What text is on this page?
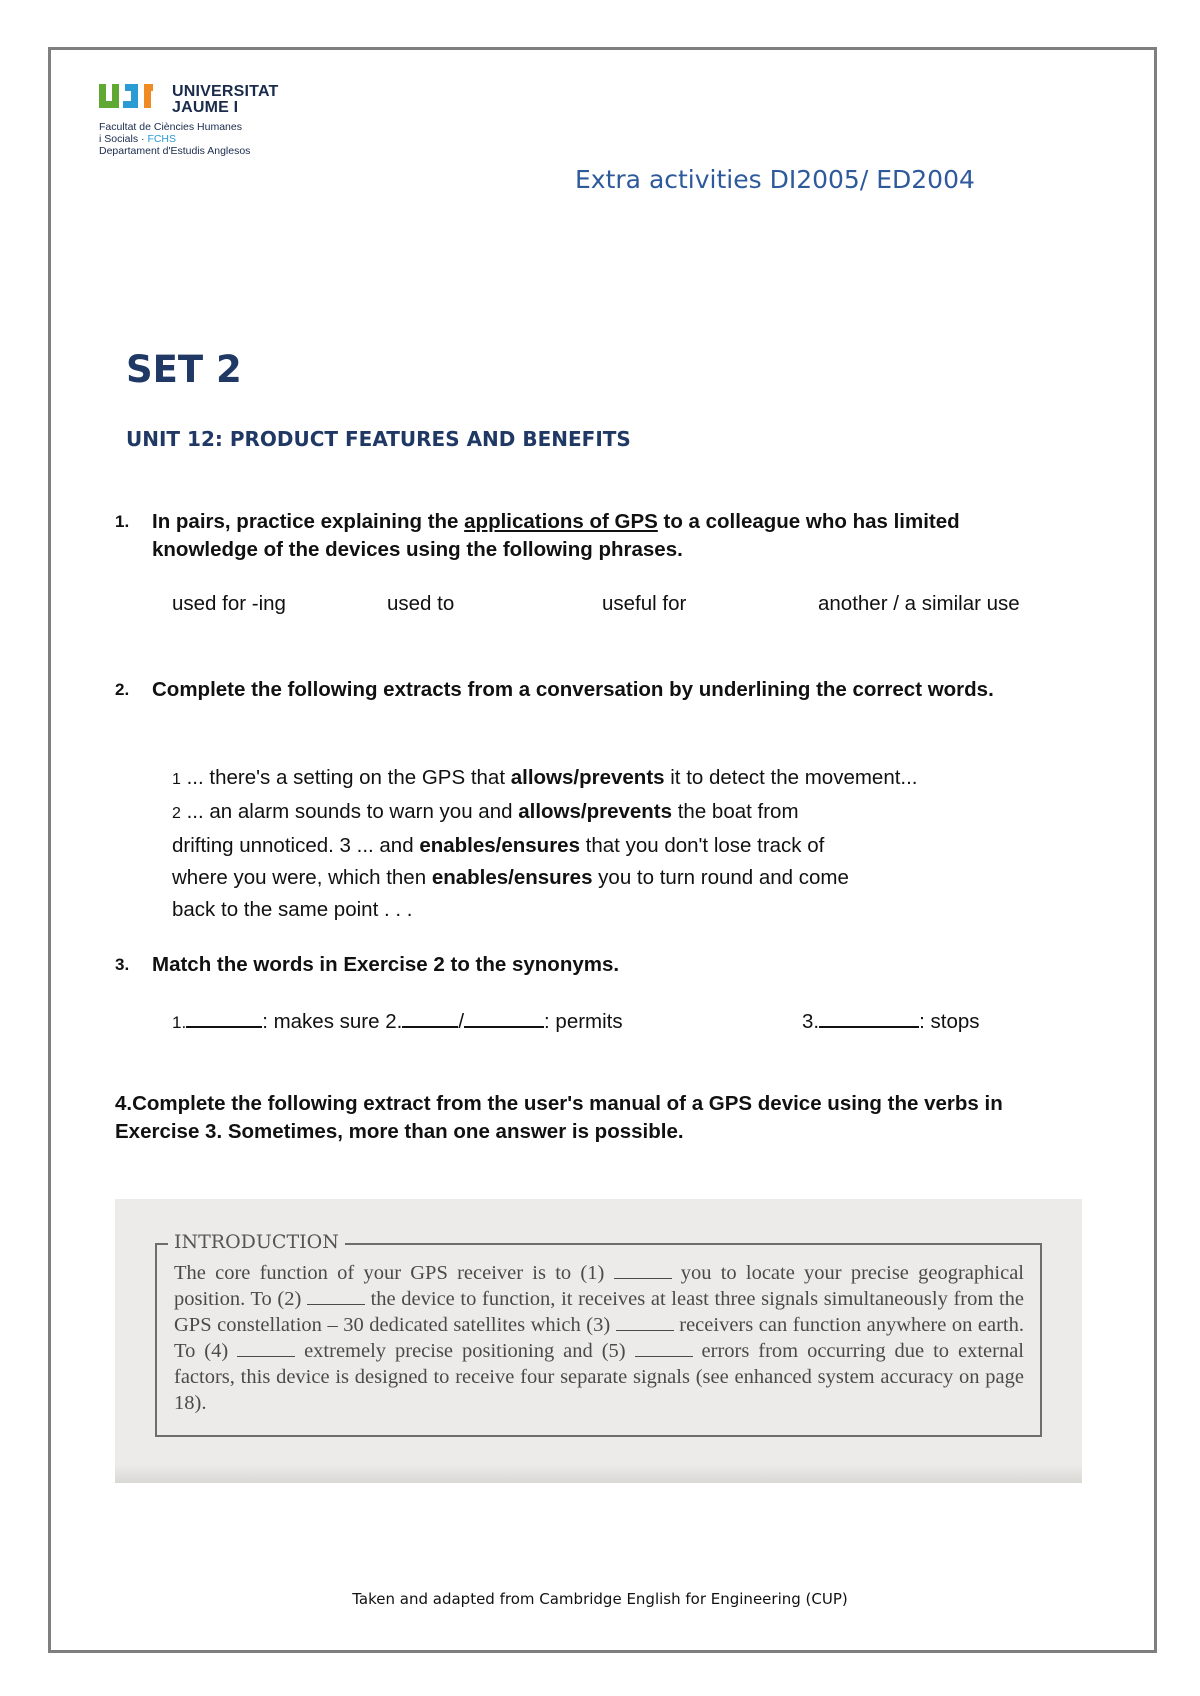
UNIVERSITAT
JAUME I
Facultat de Ciències Humanes
i Socials · FCHS
Departament d'Estudis Anglesos
Extra activities DI2005/ ED2004
SET 2
UNIT 12: PRODUCT FEATURES AND BENEFITS
1. In pairs, practice explaining the applications of GPS to a colleague who has limited knowledge of the devices using the following phrases.
used for -ing	used to	useful for	another / a similar use
2. Complete the following extracts from a conversation by underlining the correct words.
1 ... there's a setting on the GPS that allows/prevents it to detect the movement...
2 ... an alarm sounds to warn you and allows/prevents the boat from
drifting unnoticed. 3 ... and enables/ensures that you don't lose track of
where you were, which then enables/ensures you to turn round and come
back to the same point . . .
3. Match the words in Exercise 2 to the synonyms.
1.	: makes sure 2.	/	: permits	3.	: stops
4.Complete the following extract from the user's manual of a GPS device using the verbs in Exercise 3. Sometimes, more than one answer is possible.
INTRODUCTION
The core function of your GPS receiver is to (1)	you to locate your precise geographical position. To (2)	the device to function, it receives at least three signals simultaneously from the GPS constellation – 30 dedicated satellites which (3)	receivers can function anywhere on earth. To (4)	extremely precise positioning and (5)	errors from occurring due to external factors, this device is designed to receive four separate signals (see enhanced system accuracy on page 18).
Taken and adapted from Cambridge English for Engineering (CUP)
